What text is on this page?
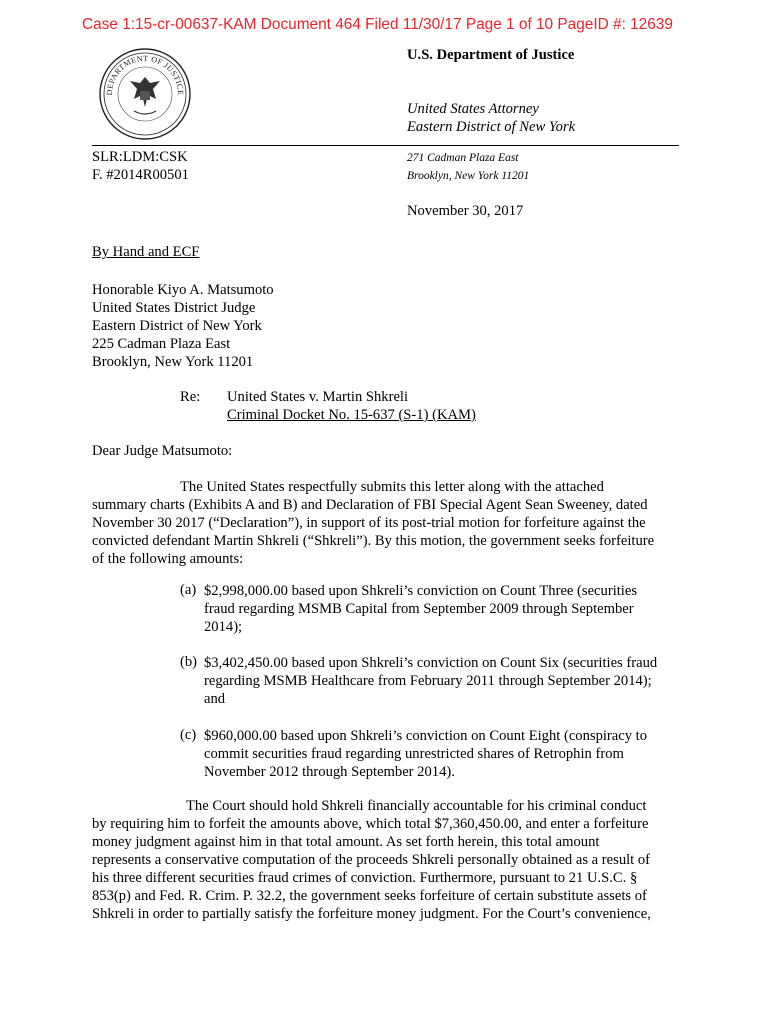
Case 1:15-cr-00637-KAM Document 464 Filed 11/30/17 Page 1 of 10 PageID #: 12639
DEPARTMENT OF JUSTICE
U.S. Department of Justice
United States Attorney
Eastern District of New York
SLR:LDM:CSK
F. #2014R00501
271 Cadman Plaza East
Brooklyn, New York 11201
November 30, 2017
By Hand and ECF
Honorable Kiyo A. Matsumoto
United States District Judge
Eastern District of New York
225 Cadman Plaza East
Brooklyn, New York 11201
Re: United States v. Martin Shkreli
Criminal Docket No. 15-637 (S-1) (KAM)
Dear Judge Matsumoto:
The United States respectfully submits this letter along with the attached
summary charts (Exhibits A and B) and Declaration of FBI Special Agent Sean Sweeney, dated
November 30 2017 (“Declaration”), in support of its post-trial motion for forfeiture against the
convicted defendant Martin Shkreli (“Shkreli”). By this motion, the government seeks forfeiture
of the following amounts:
(a) $2,998,000.00 based upon Shkreli’s conviction on Count Three (securities
fraud regarding MSMB Capital from September 2009 through September
2014);
(b) $3,402,450.00 based upon Shkreli’s conviction on Count Six (securities fraud
regarding MSMB Healthcare from February 2011 through September 2014);
and
(c) $960,000.00 based upon Shkreli’s conviction on Count Eight (conspiracy to
commit securities fraud regarding unrestricted shares of Retrophin from
November 2012 through September 2014).
The Court should hold Shkreli financially accountable for his criminal conduct
by requiring him to forfeit the amounts above, which total $7,360,450.00, and enter a forfeiture
money judgment against him in that total amount. As set forth herein, this total amount
represents a conservative computation of the proceeds Shkreli personally obtained as a result of
his three different securities fraud crimes of conviction. Furthermore, pursuant to 21 U.S.C. §
853(p) and Fed. R. Crim. P. 32.2, the government seeks forfeiture of certain substitute assets of
Shkreli in order to partially satisfy the forfeiture money judgment. For the Court’s convenience,
